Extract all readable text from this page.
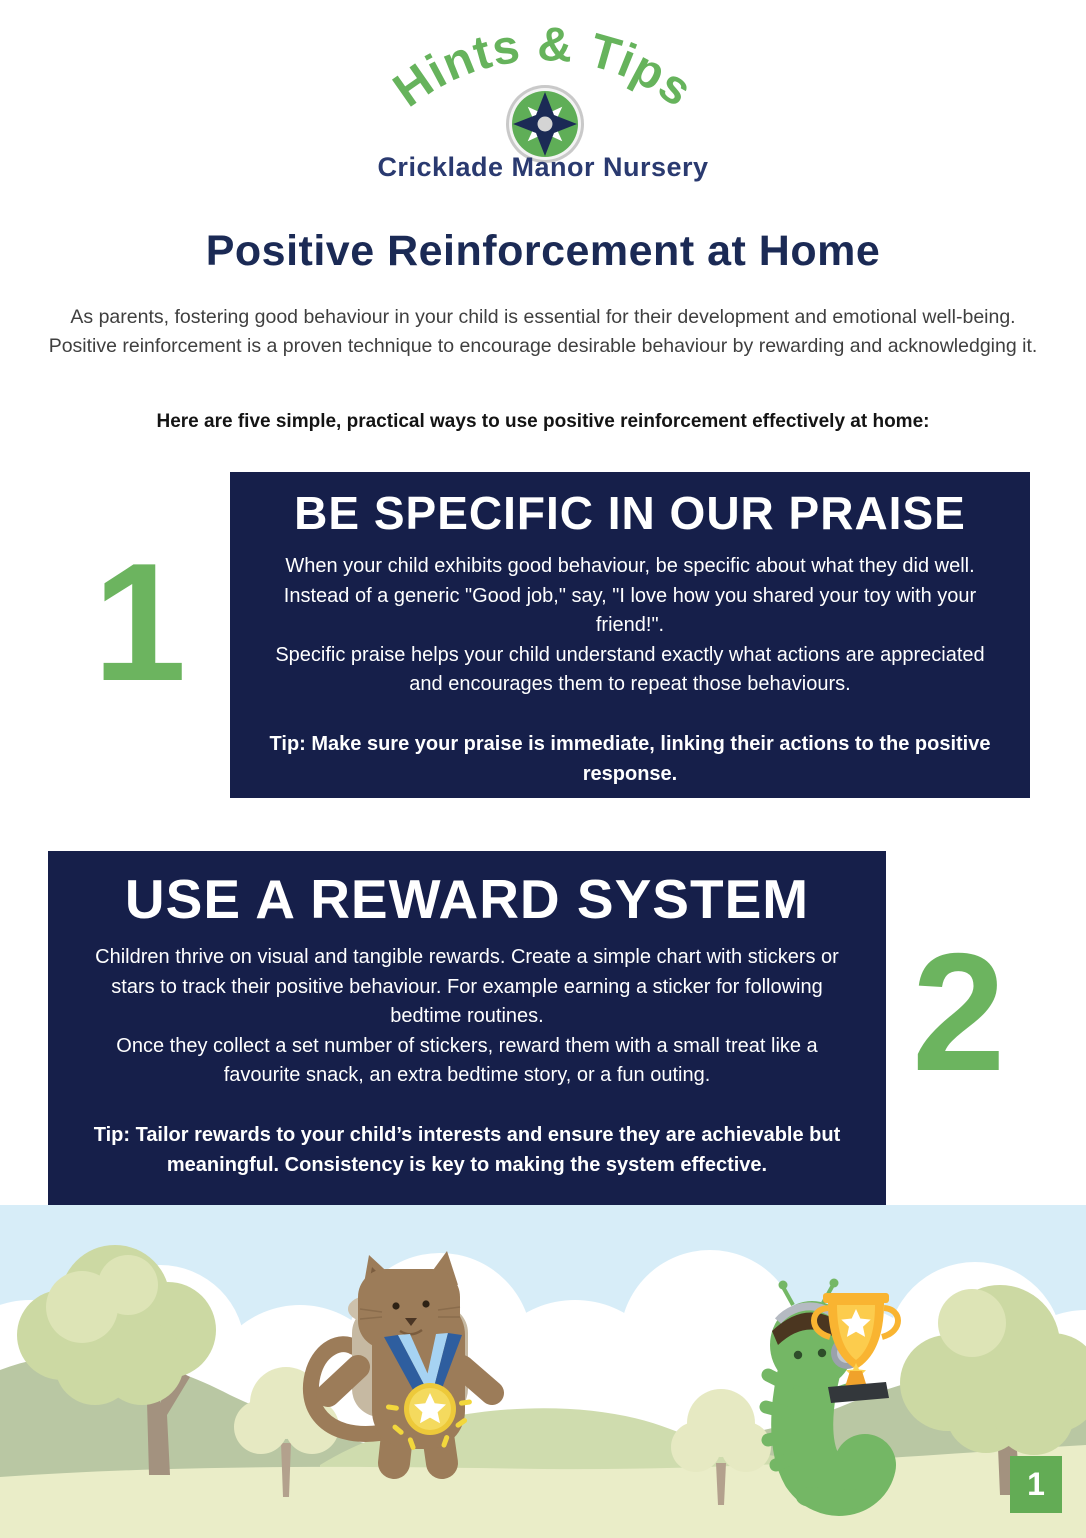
Hints & Tips
Cricklade Manor Nursery
Positive Reinforcement at Home

As parents, fostering good behaviour in your child is essential for their development and emotional well-being. Positive reinforcement is a proven technique to encourage desirable behaviour by rewarding and acknowledging it.

Here are five simple, practical ways to use positive reinforcement effectively at home:

1
BE SPECIFIC IN OUR PRAISE

When your child exhibits good behaviour, be specific about what they did well. Instead of a generic "Good job," say, "I love how you shared your toy with your friend!".

Specific praise helps your child understand exactly what actions are appreciated and encourages them to repeat those behaviours.

Tip: Make sure your praise is immediate, linking their actions to the positive response.

USE A REWARD SYSTEM

Children thrive on visual and tangible rewards. Create a simple chart with stickers or stars to track their positive behaviour. For example earning a sticker for following bedtime routines.

Once they collect a set number of stickers, reward them with a small treat like a favourite snack, an extra bedtime story, or a fun outing.

Tip: Tailor rewards to your child’s interests and ensure they are achievable but meaningful. Consistency is key to making the system effective.

2
1
